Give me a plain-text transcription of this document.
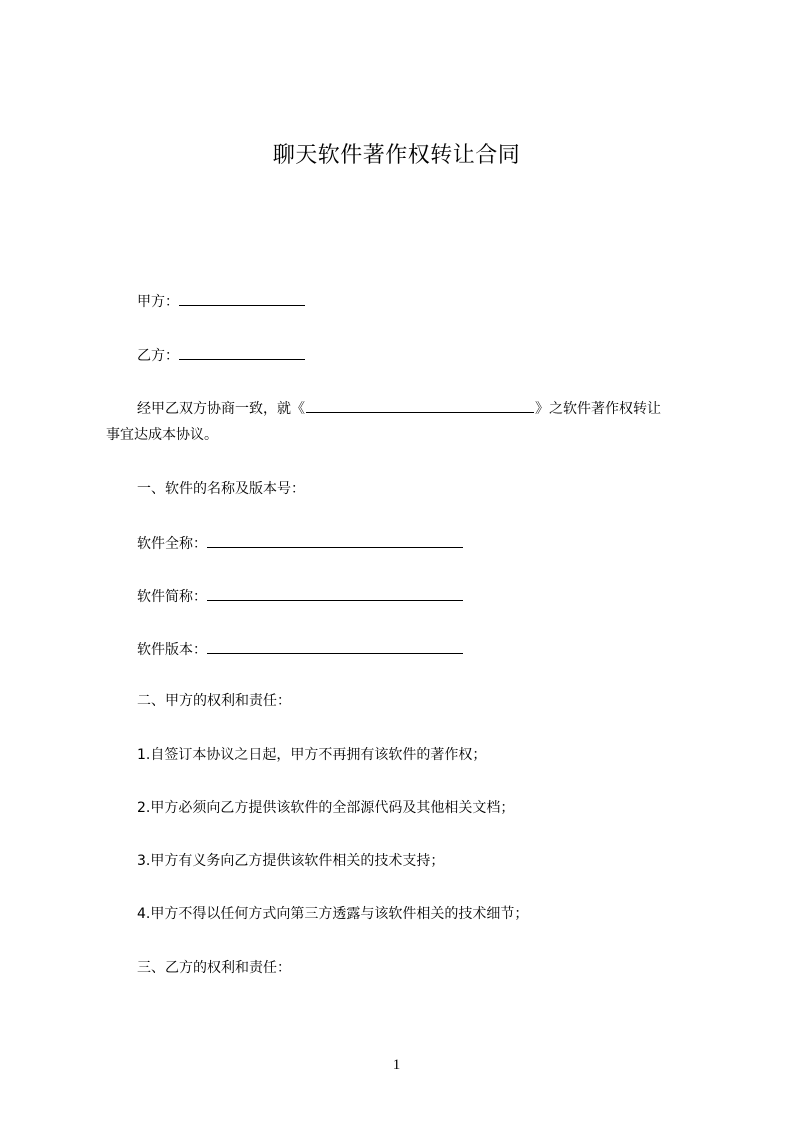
聊天软件著作权转让合同
甲方：
乙方：
经甲乙双方协商一致，就《	》之软件著作权转让
事宜达成本协议。
一、软件的名称及版本号：
软件全称：
软件简称：
软件版本：
二、甲方的权利和责任：
1.自签订本协议之日起，甲方不再拥有该软件的著作权；
2.甲方必须向乙方提供该软件的全部源代码及其他相关文档；
3.甲方有义务向乙方提供该软件相关的技术支持；
4.甲方不得以任何方式向第三方透露与该软件相关的技术细节；
三、乙方的权利和责任：
1
